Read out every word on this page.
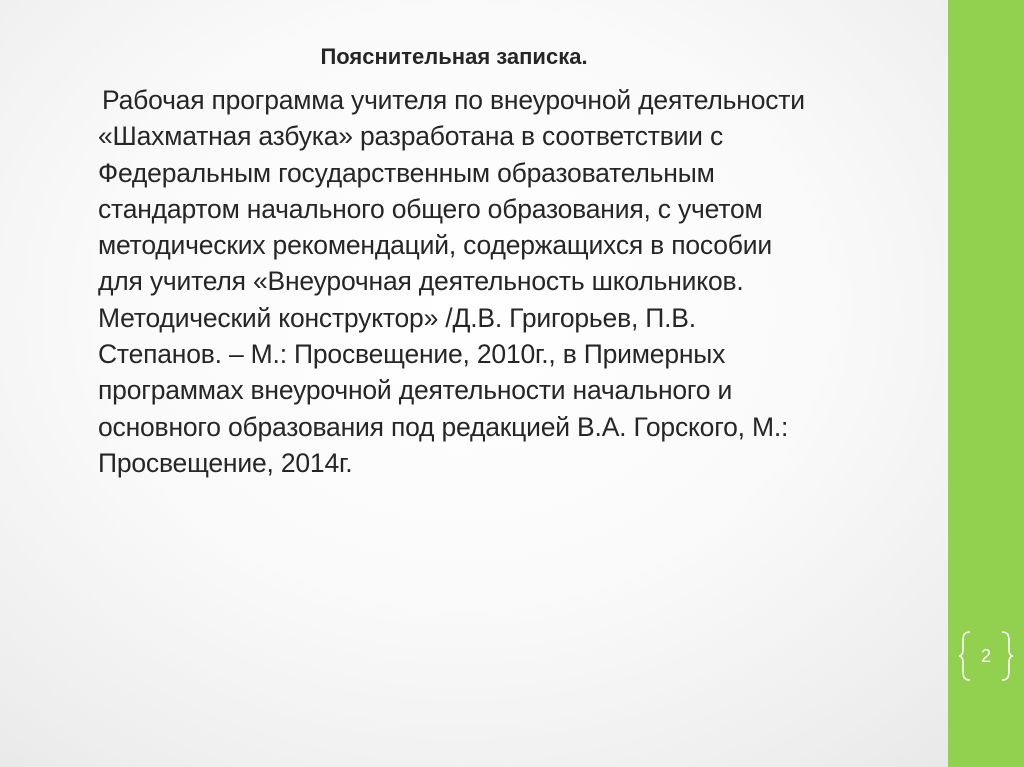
Пояснительная записка.

Рабочая программа учителя по внеурочной деятельности
«Шахматная азбука» разработана в соответствии с
Федеральным государственным образовательным
стандартом начального общего образования, с учетом
методических рекомендаций, содержащихся в пособии
для учителя «Внеурочная деятельность школьников.
Методический конструктор» /Д.В. Григорьев, П.В.
Степанов. – М.: Просвещение, 2010г., в Примерных
программах внеурочной деятельности начального и
основного образования под редакцией В.А. Горского, М.:
Просвещение, 2014г.

2
